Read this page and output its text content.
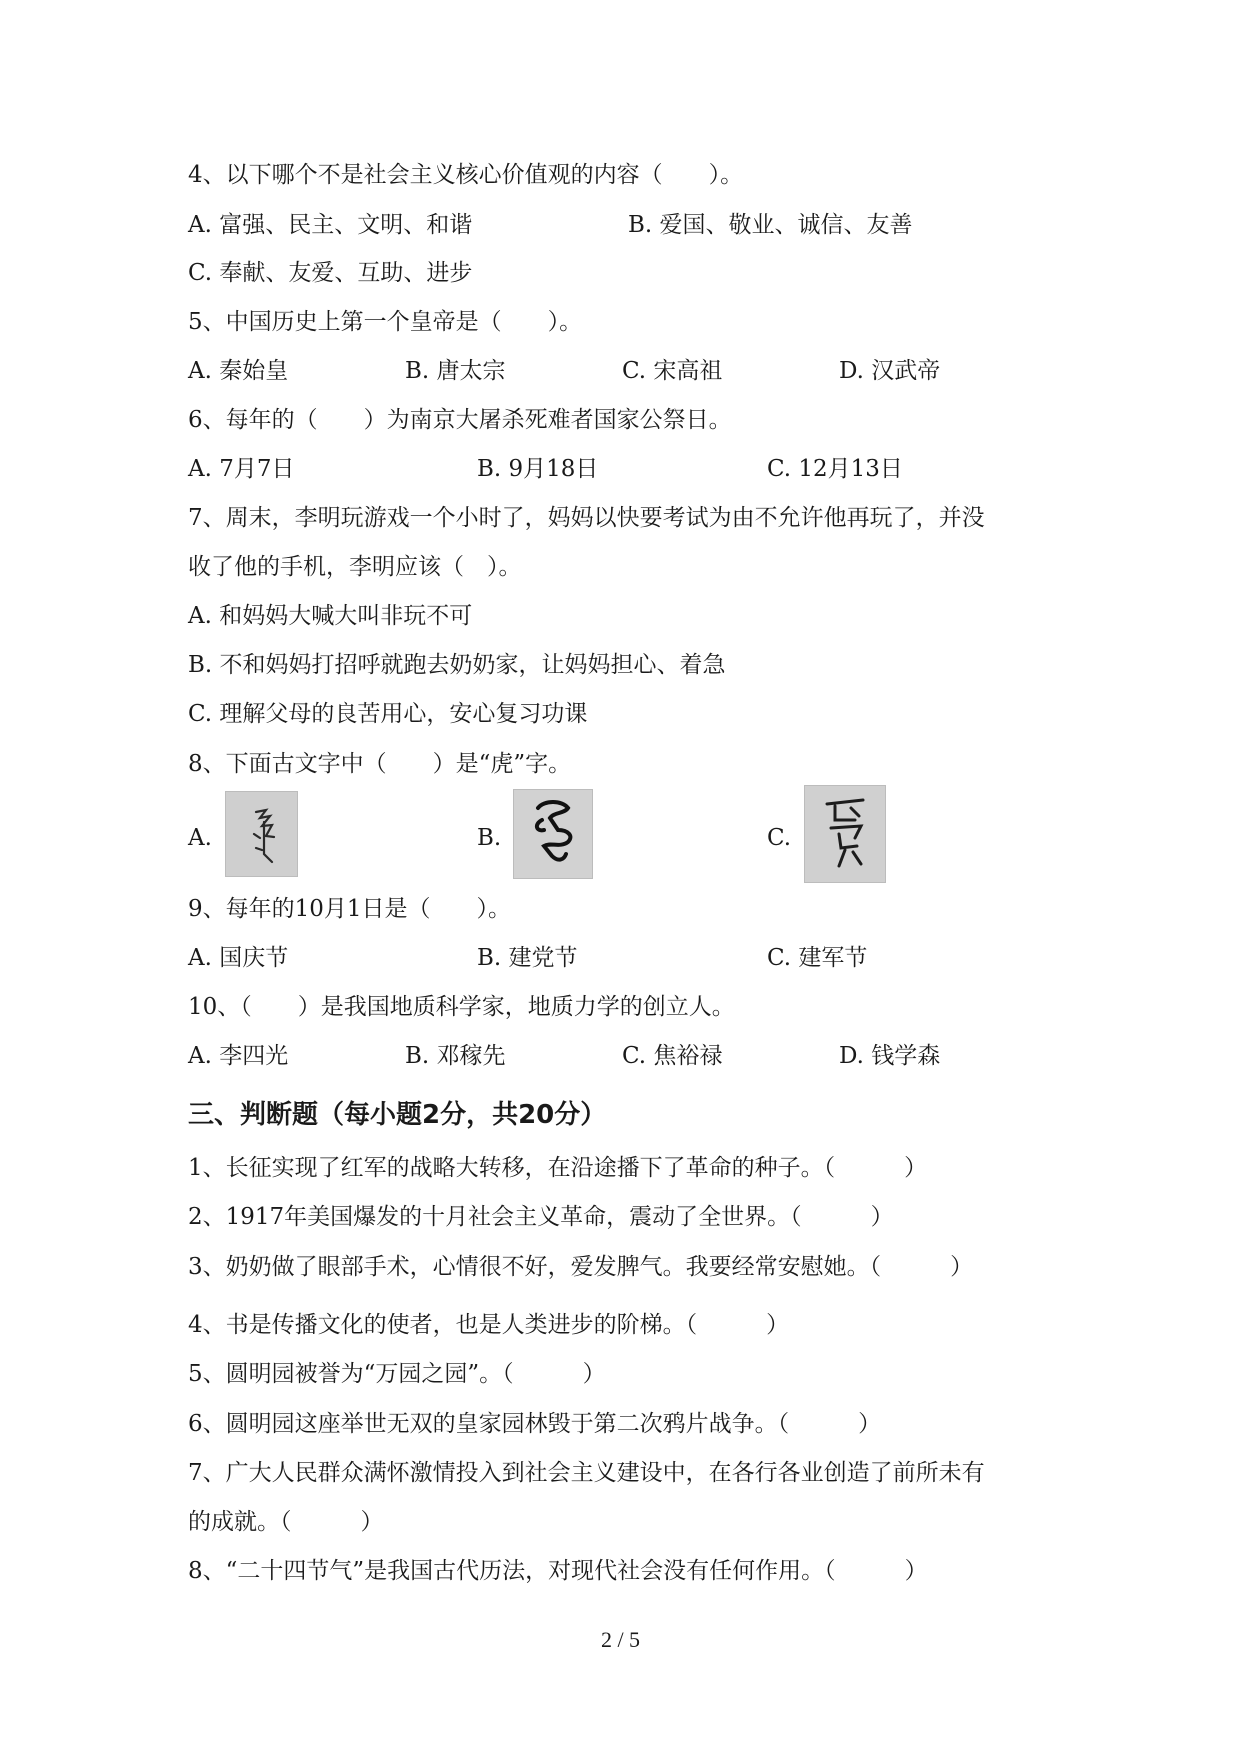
4、以下哪个不是社会主义核心价值观的内容（　　）。
A. 富强、民主、文明、和谐	B. 爱国、敬业、诚信、友善
C. 奉献、友爱、互助、进步
5、中国历史上第一个皇帝是（　　）。
A. 秦始皇	B. 唐太宗	C. 宋高祖	D. 汉武帝
6、每年的（　　）为南京大屠杀死难者国家公祭日。
A. 7月7日	B. 9月18日	C. 12月13日
7、周末，李明玩游戏一个小时了，妈妈以快要考试为由不允许他再玩了，并没
收了他的手机，李明应该（　）。
A. 和妈妈大喊大叫非玩不可
B. 不和妈妈打招呼就跑去奶奶家，让妈妈担心、着急
C. 理解父母的良苦用心，安心复习功课
8、下面古文字中（　　）是“虎”字。
A.	B.	C.
9、每年的10月1日是（　　）。
A. 国庆节	B. 建党节	C. 建军节
10、（　　）是我国地质科学家，地质力学的创立人。
A. 李四光	B. 邓稼先	C. 焦裕禄	D. 钱学森
三、判断题（每小题2分，共20分）
1、长征实现了红军的战略大转移，在沿途播下了革命的种子。（　　　）
2、1917年美国爆发的十月社会主义革命，震动了全世界。（　　　）
3、奶奶做了眼部手术，心情很不好，爱发脾气。我要经常安慰她。（　　　）
4、书是传播文化的使者，也是人类进步的阶梯。（　　　）
5、圆明园被誉为“万园之园”。（　　　）
6、圆明园这座举世无双的皇家园林毁于第二次鸦片战争。（　　　）
7、广大人民群众满怀激情投入到社会主义建设中，在各行各业创造了前所未有
的成就。（　　　）
8、“二十四节气”是我国古代历法，对现代社会没有任何作用。（　　　）
2 / 5
